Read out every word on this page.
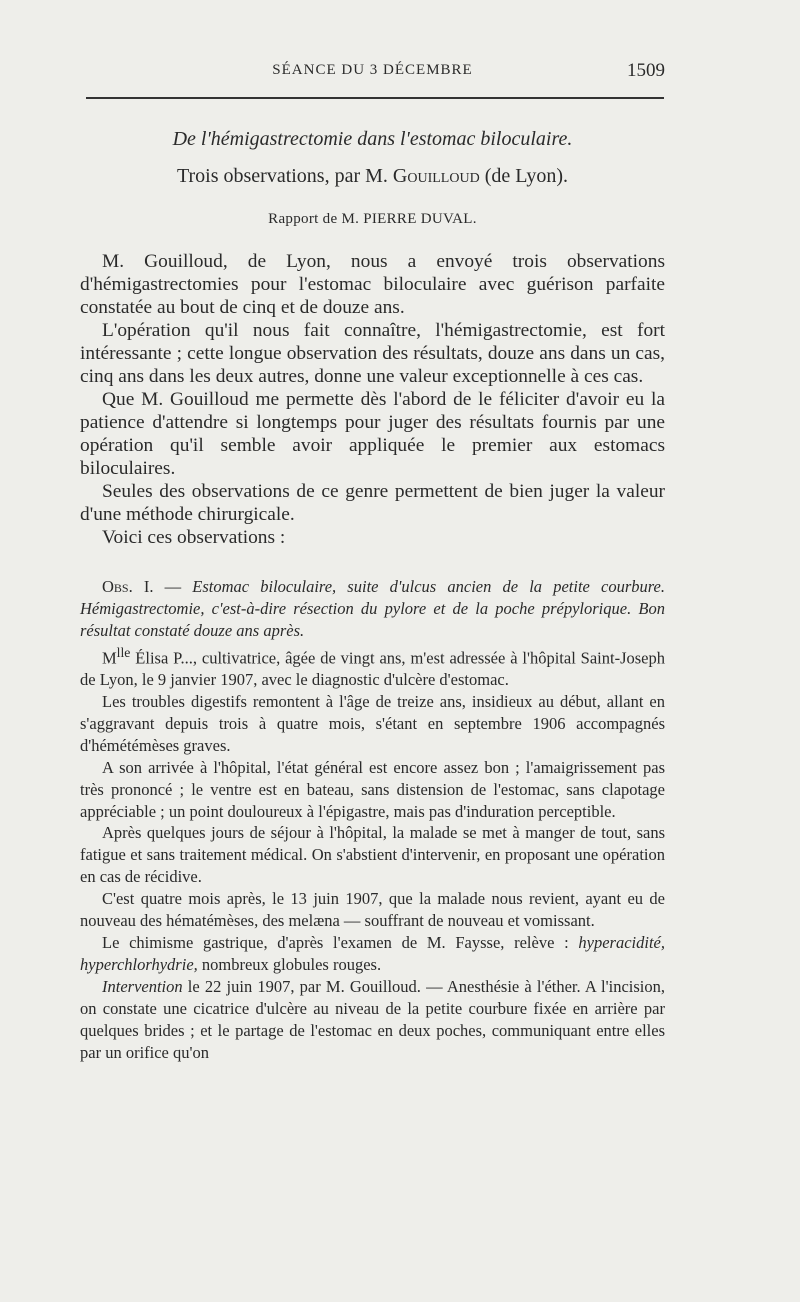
SÉANCE DU 3 DÉCEMBRE	1509
De l'hémigastrectomie dans l'estomac biloculaire.
Trois observations, par M. Gouilloud (de Lyon).
Rapport de M. PIERRE DUVAL.

M. Gouilloud, de Lyon, nous a envoyé trois observations d'hémigastrectomies pour l'estomac biloculaire avec guérison parfaite constatée au bout de cinq et de douze ans.

L'opération qu'il nous fait connaître, l'hémigastrectomie, est fort intéressante ; cette longue observation des résultats, douze ans dans un cas, cinq ans dans les deux autres, donne une valeur exceptionnelle à ces cas.

Que M. Gouilloud me permette dès l'abord de le féliciter d'avoir eu la patience d'attendre si longtemps pour juger des résultats fournis par une opération qu'il semble avoir appliquée le premier aux estomacs biloculaires.

Seules des observations de ce genre permettent de bien juger la valeur d'une méthode chirurgicale.

Voici ces observations :

Obs. I. — Estomac biloculaire, suite d'ulcus ancien de la petite courbure. Hémigastrectomie, c'est-à-dire résection du pylore et de la poche prépylorique. Bon résultat constaté douze ans après.

$M^{lle}$ Élisa P..., cultivatrice, âgée de vingt ans, m'est adressée à l'hôpital Saint-Joseph de Lyon, le 9 janvier 1907, avec le diagnostic d'ulcère d'estomac.

Les troubles digestifs remontent à l'âge de treize ans, insidieux au début, allant en s'aggravant depuis trois à quatre mois, s'étant en septembre 1906 accompagnés d'hémétémèses graves.

A son arrivée à l'hôpital, l'état général est encore assez bon ; l'amaigrissement pas très prononcé ; le ventre est en bateau, sans distension de l'estomac, sans clapotage appréciable ; un point douloureux à l'épigastre, mais pas d'induration perceptible.

Après quelques jours de séjour à l'hôpital, la malade se met à manger de tout, sans fatigue et sans traitement médical. On s'abstient d'intervenir, en proposant une opération en cas de récidive.

C'est quatre mois après, le 13 juin 1907, que la malade nous revient, ayant eu de nouveau des hématémèses, des melæna — souffrant de nouveau et vomissant.

Le chimisme gastrique, d'après l'examen de M. Faysse, relève : hyperacidité, hyperchlorhydrie, nombreux globules rouges.

Intervention le 22 juin 1907, par M. Gouilloud. — Anesthésie à l'éther. A l'incision, on constate une cicatrice d'ulcère au niveau de la petite courbure fixée en arrière par quelques brides ; et le partage de l'estomac en deux poches, communiquant entre elles par un orifice qu'on
